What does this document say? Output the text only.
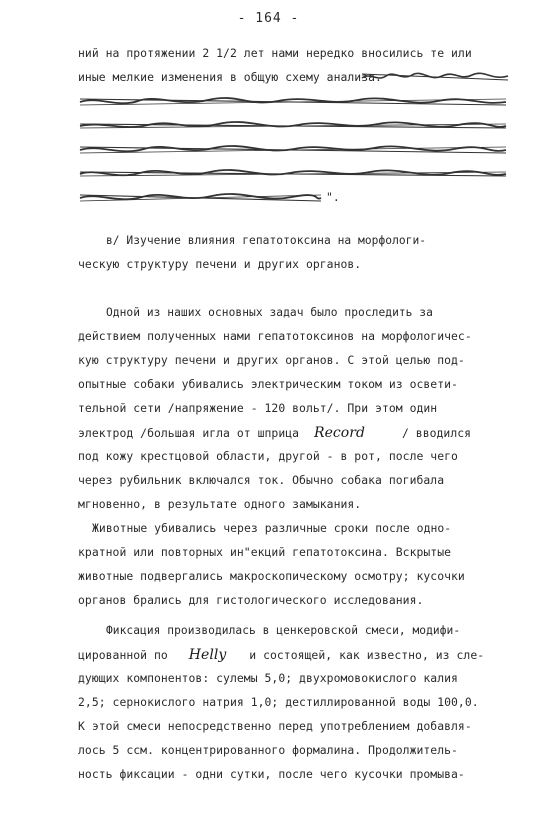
- 164 -
ний на протяжении 2 1/2 лет нами нередко вносились те или
иные мелкие изменения в общую схему анализа.
".
в/ Изучение влияния гепатотоксина на морфологи-
ческую структуру печени и других органов.
Одной из наших основных задач было проследить за
действием полученных нами гепатотоксинов на морфологичес-
кую структуру печени и других органов. С этой целью под-
опытные собаки убивались электрическим током из освети-
тельной сети /напряжение - 120 вольт/. При этом один
электрод /большая игла от шприца Record	/ вводился
под кожу крестцовой области, другой - в рот, после чего
через рубильник включался ток. Обычно собака погибала
мгновенно, в результате одного замыкания.
Животные убивались через различные сроки после одно-
кратной или повторных ин"екций гепатотоксина. Вскрытые
животные подвергались макроскопическому осмотру; кусочки
органов брались для гистологического исследования.
Фиксация производилась в ценкеровской смеси, модифи-
цированной по Helly и состоящей, как известно, из сле-
дующих компонентов: сулемы 5,0; двухромовокислого калия
2,5; сернокислого натрия 1,0; дестиллированной воды 100,0.
К этой смеси непосредственно перед употреблением добавля-
лось 5 ссм. концентрированного формалина. Продолжитель-
ность фиксации - одни сутки, после чего кусочки промыва-
